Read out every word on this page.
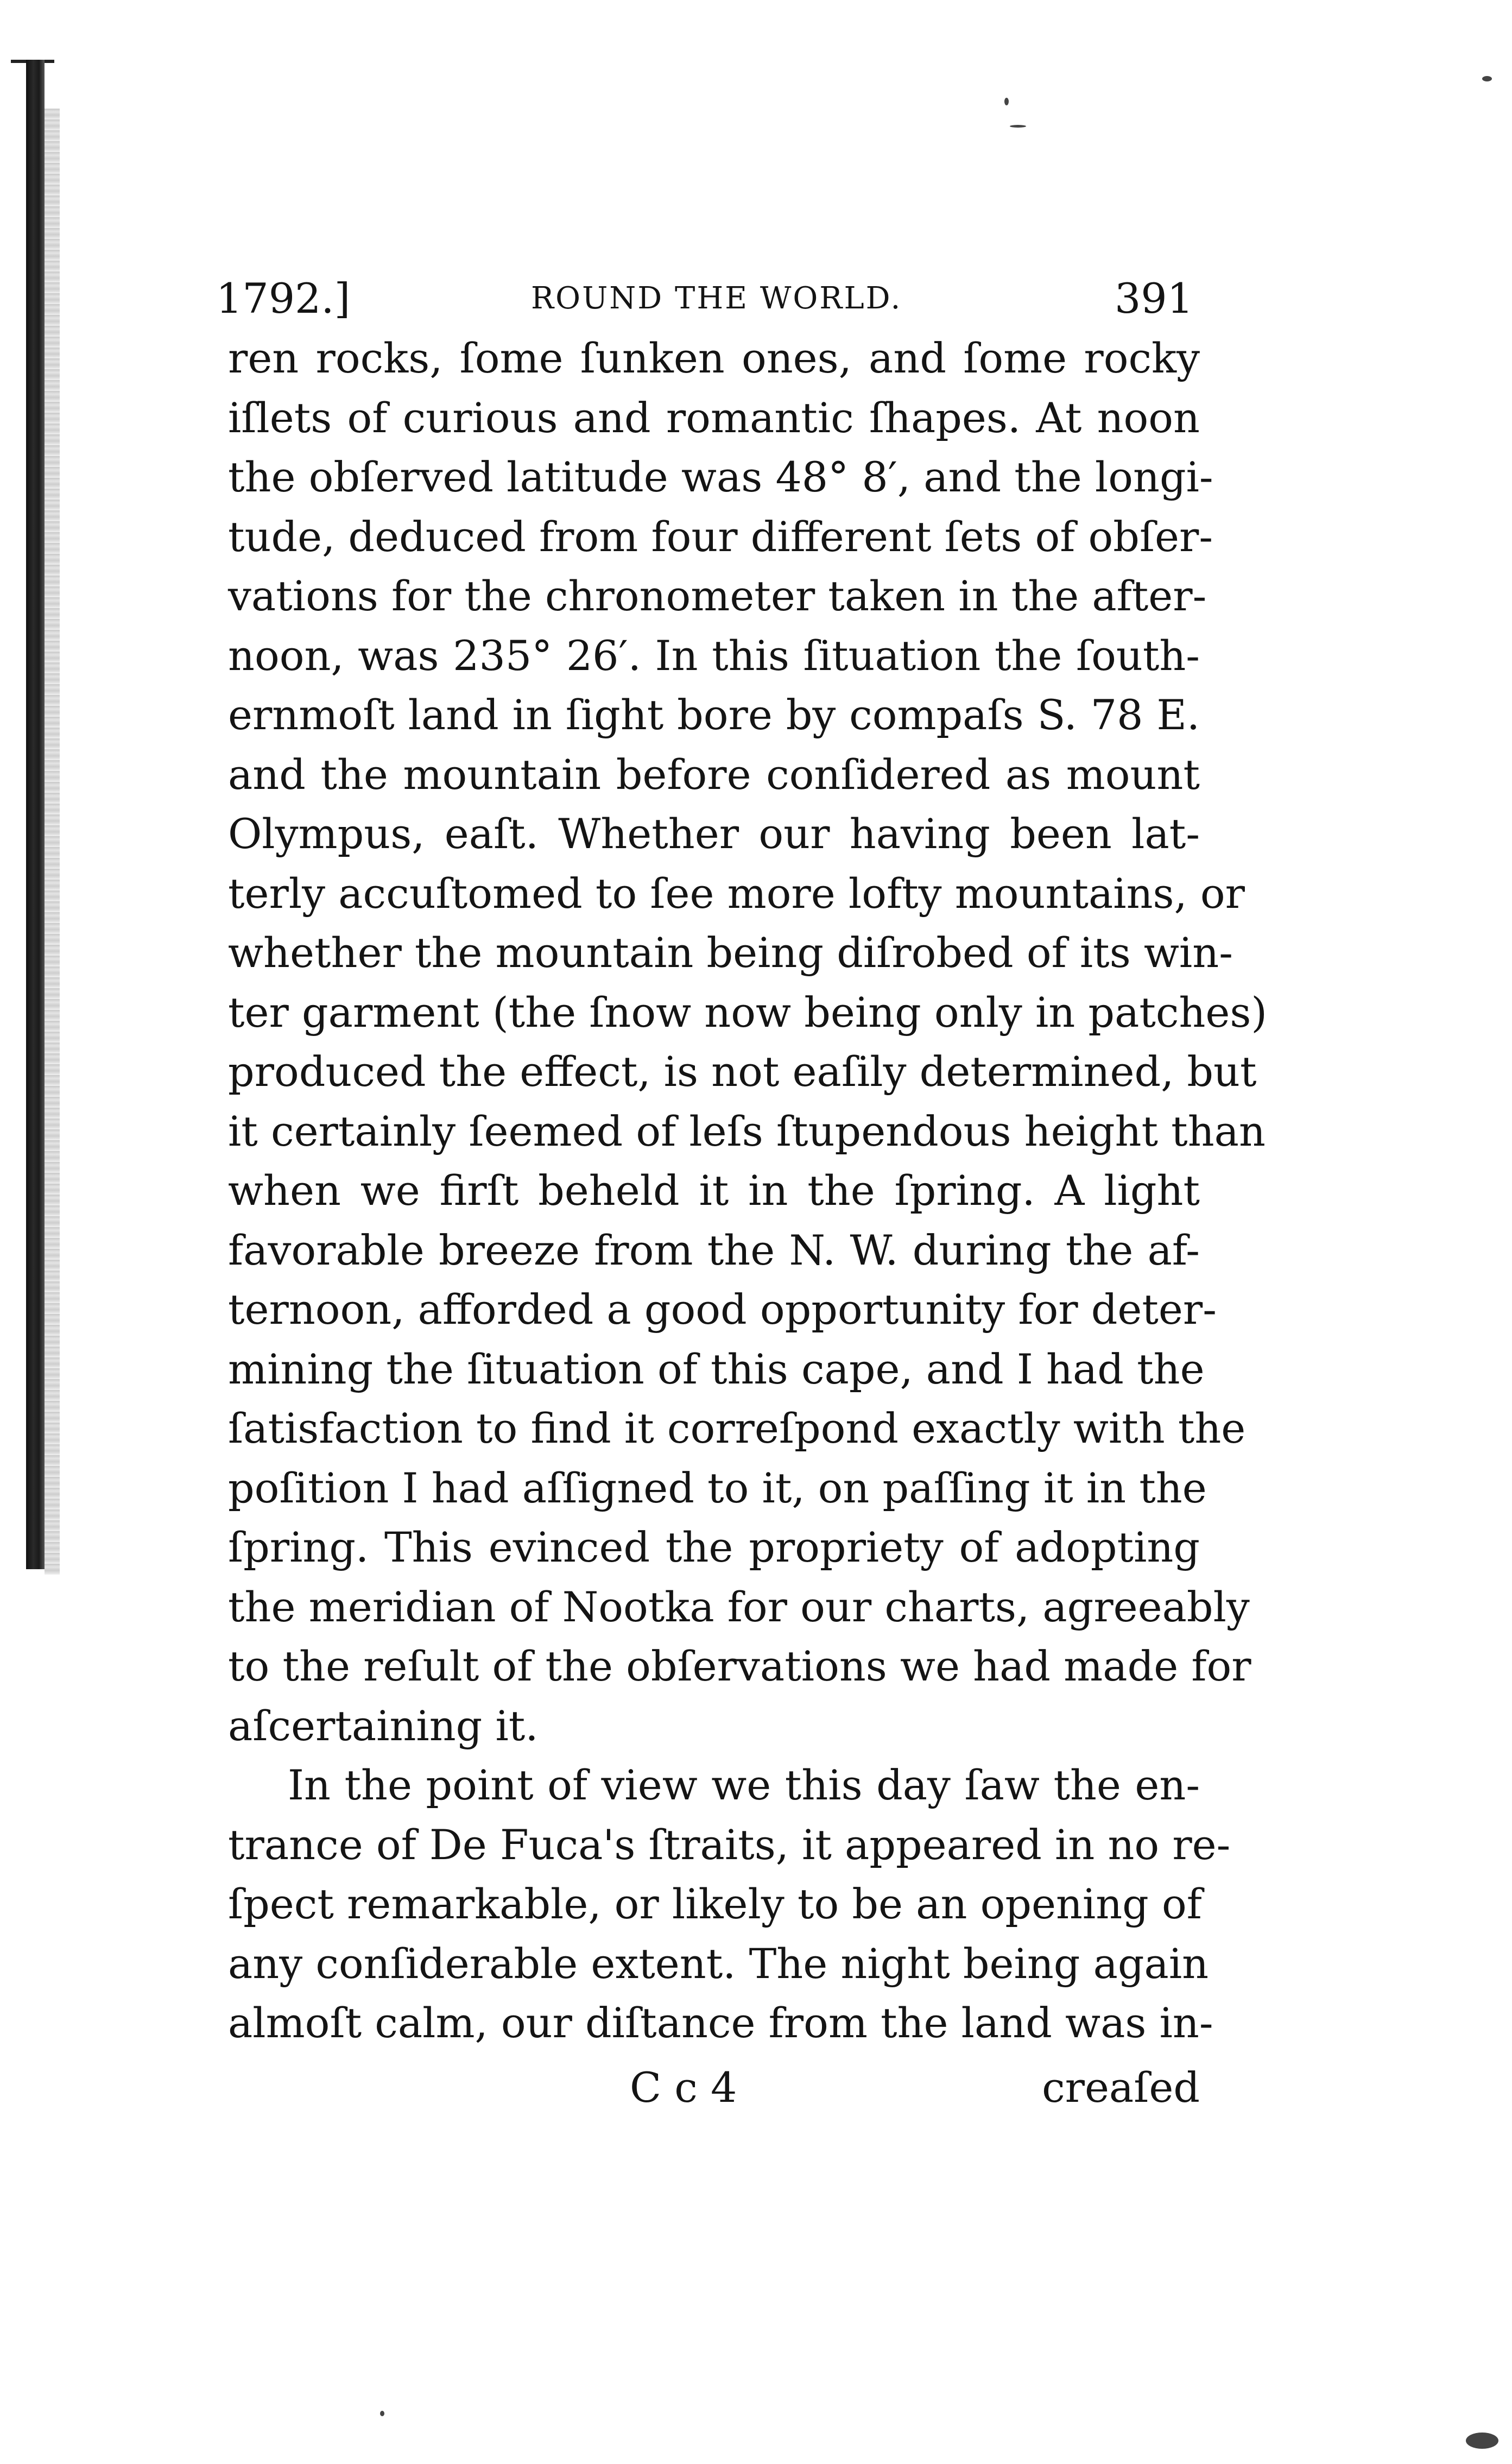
1792.]	ROUND THE WORLD.	391
ren rocks, ſome ſunken ones, and ſome rocky
iſlets of curious and romantic ſhapes. At noon
the obſerved latitude was 48° 8′, and the longi-
tude, deduced from four different ſets of obſer-
vations for the chronometer taken in the after-
noon, was 235° 26′. In this ſituation the ſouth-
ernmoſt land in ſight bore by compaſs S. 78 E.
and the mountain before conſidered as mount
Olympus, eaſt. Whether our having been lat-
terly accuſtomed to ſee more lofty mountains, or
whether the mountain being diſrobed of its win-
ter garment (the ſnow now being only in patches)
produced the effect, is not eaſily determined, but
it certainly ſeemed of leſs ſtupendous height than
when we firſt beheld it in the ſpring. A light
favorable breeze from the N. W. during the af-
ternoon, afforded a good opportunity for deter-
mining the ſituation of this cape, and I had the
ſatisfaction to find it correſpond exactly with the
poſition I had aſſigned to it, on paſſing it in the
ſpring. This evinced the propriety of adopting
the meridian of Nootka for our charts, agreeably
to the reſult of the obſervations we had made for
aſcertaining it.
In the point of view we this day ſaw the en-
trance of De Fuca's ſtraits, it appeared in no re-
ſpect remarkable, or likely to be an opening of
any conſiderable extent. The night being again
almoſt calm, our diſtance from the land was in-
C c 4	creaſed
